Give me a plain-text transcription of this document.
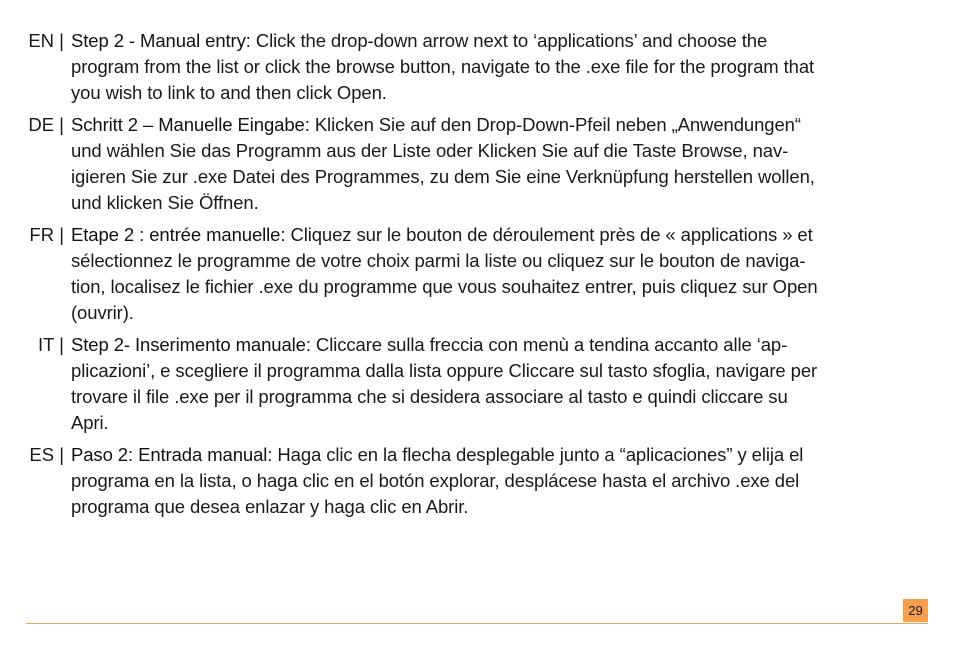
EN | Step 2 - Manual entry: Click the drop-down arrow next to ‘applications’ and choose the
program from the list or click the browse button, navigate to the .exe file for the program that
you wish to link to and then click Open.
DE | Schritt 2 – Manuelle Eingabe: Klicken Sie auf den Drop-Down-Pfeil neben „Anwendungen“
und wählen Sie das Programm aus der Liste oder Klicken Sie auf die Taste Browse, nav-
igieren Sie zur .exe Datei des Programmes, zu dem Sie eine Verknüpfung herstellen wollen,
und klicken Sie Öffnen.
FR | Etape 2 : entrée manuelle: Cliquez sur le bouton de déroulement près de « applications » et
sélectionnez le programme de votre choix parmi la liste ou cliquez sur le bouton de naviga-
tion, localisez le fichier .exe du programme que vous souhaitez entrer, puis cliquez sur Open
(ouvrir).
IT | Step 2- Inserimento manuale: Cliccare sulla freccia con menù a tendina accanto alle ‘ap-
plicazioni’, e scegliere il programma dalla lista oppure Cliccare sul tasto sfoglia, navigare per
trovare il file .exe per il programma che si desidera associare al tasto e quindi cliccare su
Apri.
ES | Paso 2: Entrada manual: Haga clic en la flecha desplegable junto a “aplicaciones” y elija el
programa en la lista, o haga clic en el botón explorar, desplácese hasta el archivo .exe del
programa que desea enlazar y haga clic en Abrir.
29
